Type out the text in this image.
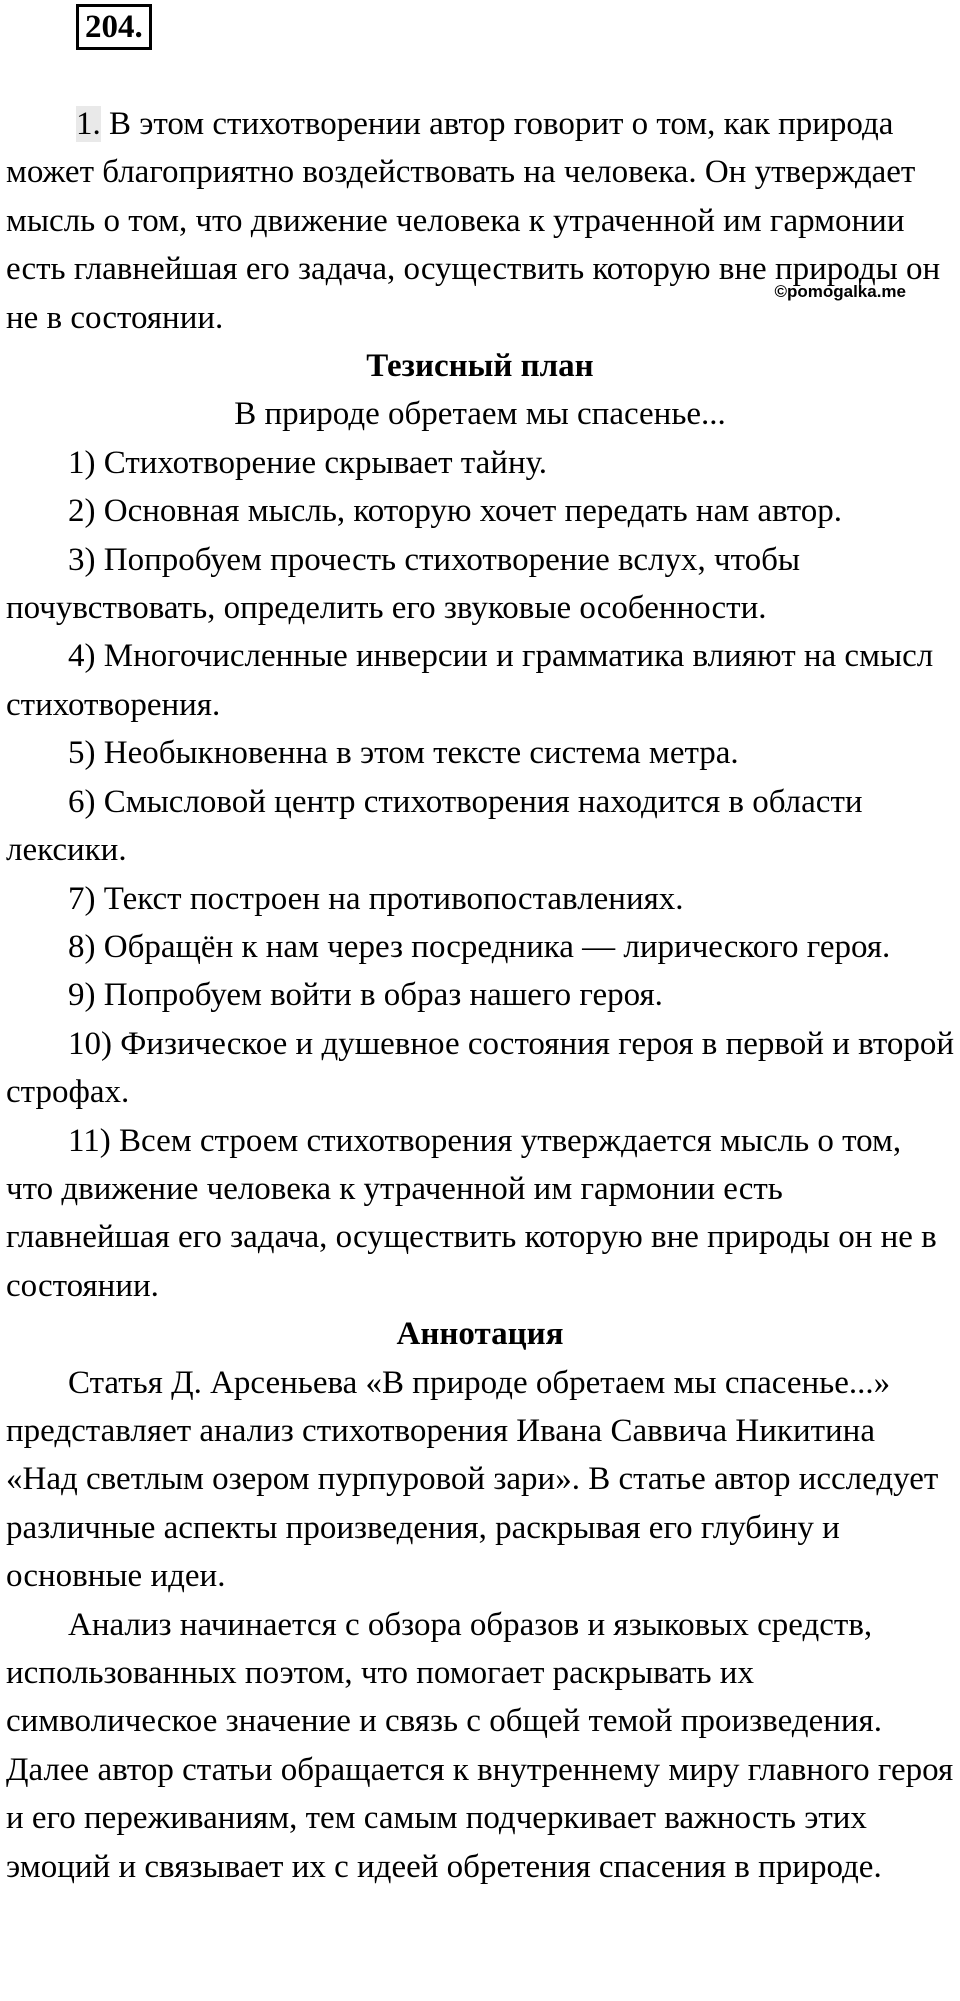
204.
©pomogalka.me

1. В этом стихотворении автор говорит о том, как природа может благоприятно воздействовать на человека. Он утверждает мысль о том, что движение человека к утраченной им гармонии есть главнейшая его задача, осуществить которую вне природы он не в состоянии.

Тезисный план

В природе обретаем мы спасенье...

1) Стихотворение скрывает тайну.

2) Основная мысль, которую хочет передать нам автор.

3) Попробуем прочесть стихотворение вслух, чтобы почувствовать, определить его звуковые особенности.

4) Многочисленные инверсии и грамматика влияют на смысл стихотворения.

5) Необыкновенна в этом тексте система метра.

6) Смысловой центр стихотворения находится в области лексики.

7) Текст построен на противопоставлениях.

8) Обращён к нам через посредника — лирического героя.

9) Попробуем войти в образ нашего героя.

10) Физическое и душевное состояния героя в первой и второй строфах.

11) Всем строем стихотворения утверждается мысль о том, что движение человека к утраченной им гармонии есть главнейшая его задача, осуществить которую вне природы он не в состоянии.

Аннотация

Статья Д. Арсеньева «В природе обретаем мы спасенье...» представляет анализ стихотворения Ивана Саввича Никитина «Над светлым озером пурпуровой зари». В статье автор исследует различные аспекты произведения, раскрывая его глубину и основные идеи.

Анализ начинается с обзора образов и языковых средств, использованных поэтом, что помогает раскрывать их символическое значение и связь с общей темой произведения. Далее автор статьи обращается к внутреннему миру главного героя и его переживаниям, тем самым подчеркивает важность этих эмоций и связывает их с идеей обретения спасения в природе.
